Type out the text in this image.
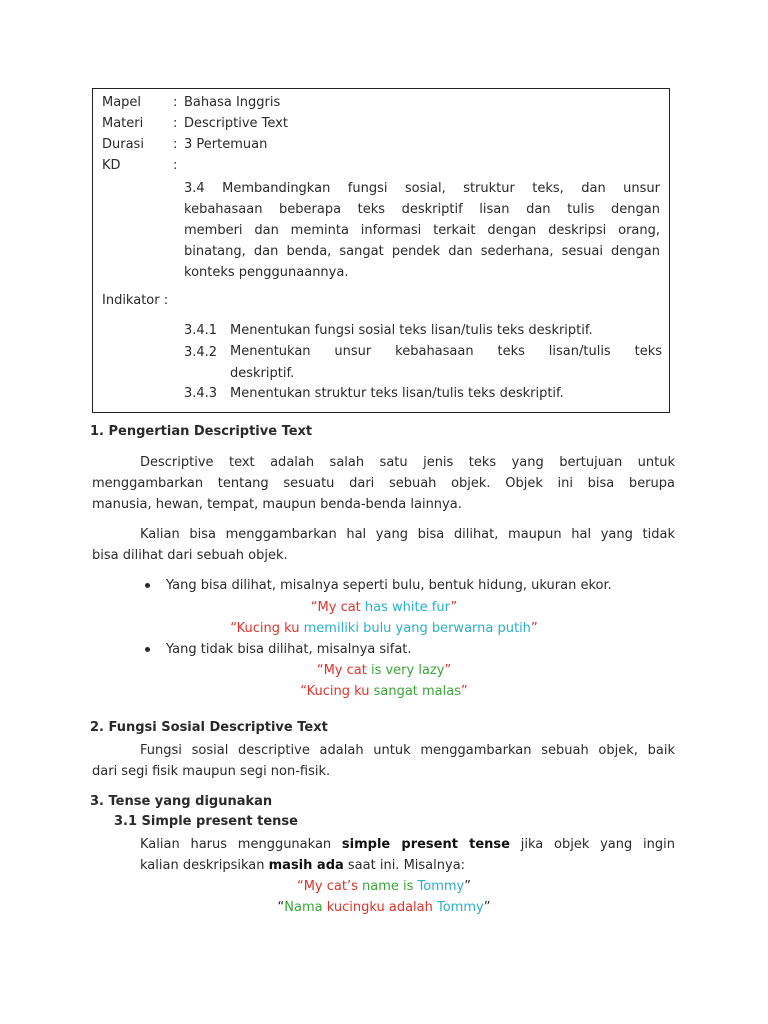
Mapel : Bahasa Inggris
Materi : Descriptive Text
Durasi : 3 Pertemuan
KD	:
3.4 Membandingkan fungsi sosial, struktur teks, dan unsur
kebahasaan beberapa teks deskriptif lisan dan tulis dengan
memberi dan meminta informasi terkait dengan deskripsi orang,
binatang, dan benda, sangat pendek dan sederhana, sesuai dengan
konteks penggunaannya.
Indikator :
3.4.1 Menentukan fungsi sosial teks lisan/tulis teks deskriptif.
3.4.2 Menentukan unsur kebahasaan teks lisan/tulis teks
deskriptif.
3.4.3 Menentukan struktur teks lisan/tulis teks deskriptif.
1. Pengertian Descriptive Text
Descriptive text adalah salah satu jenis teks yang bertujuan untuk
menggambarkan tentang sesuatu dari sebuah objek. Objek ini bisa berupa
manusia, hewan, tempat, maupun benda-benda lainnya.
Kalian bisa menggambarkan hal yang bisa dilihat, maupun hal yang tidak
bisa dilihat dari sebuah objek.
Yang bisa dilihat, misalnya seperti bulu, bentuk hidung, ukuran ekor.
“My cat has white fur”
“Kucing ku memiliki bulu yang berwarna putih”
Yang tidak bisa dilihat, misalnya sifat.
“My cat is very lazy”
“Kucing ku sangat malas”
2. Fungsi Sosial Descriptive Text
Fungsi sosial descriptive adalah untuk menggambarkan sebuah objek, baik
dari segi fisik maupun segi non-fisik.
3. Tense yang digunakan
3.1 Simple present tense
Kalian harus menggunakan simple present tense jika objek yang ingin
kalian deskripsikan masih ada saat ini. Misalnya:
“My cat’s name is Tommy”
“Nama kucingku adalah Tommy”
